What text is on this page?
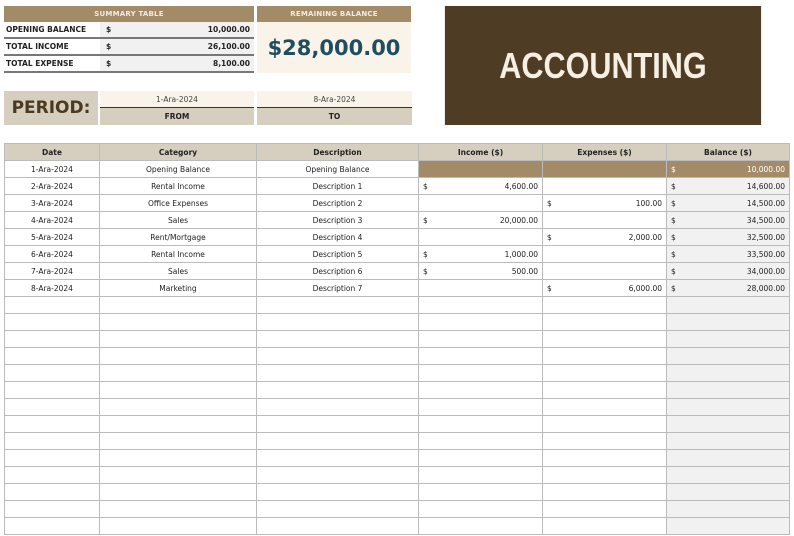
SUMMARY TABLE
OPENING BALANCE	$	10,000.00
TOTAL INCOME	$	26,100.00
TOTAL EXPENSE	$	8,100.00
REMAINING BALANCE
$28,000.00	ACCOUNTING
PERIOD:	1-Ara-2024
FROM
8-Ara-2024
TO
Date	Category	Description	Income ($)	Expenses ($)	Balance ($)
1-Ara-2024	Opening Balance	Opening Balance			$ 10,000.00

2-Ara-2024	Rental Income	Description 1	$ 4,600.00		$ 14,600.00

3-Ara-2024	Office Expenses	Description 2		$ 100.00	$ 14,500.00

4-Ara-2024	Sales	Description 3	$ 20,000.00		$ 34,500.00

5-Ara-2024	Rent/Mortgage	Description 4		$ 2,000.00	$ 32,500.00

6-Ara-2024	Rental Income	Description 5	$ 1,000.00		$ 33,500.00

7-Ara-2024	Sales	Description 6	$ 500.00		$ 34,000.00

8-Ara-2024	Marketing	Description 7		$ 6,000.00	$ 28,000.00
